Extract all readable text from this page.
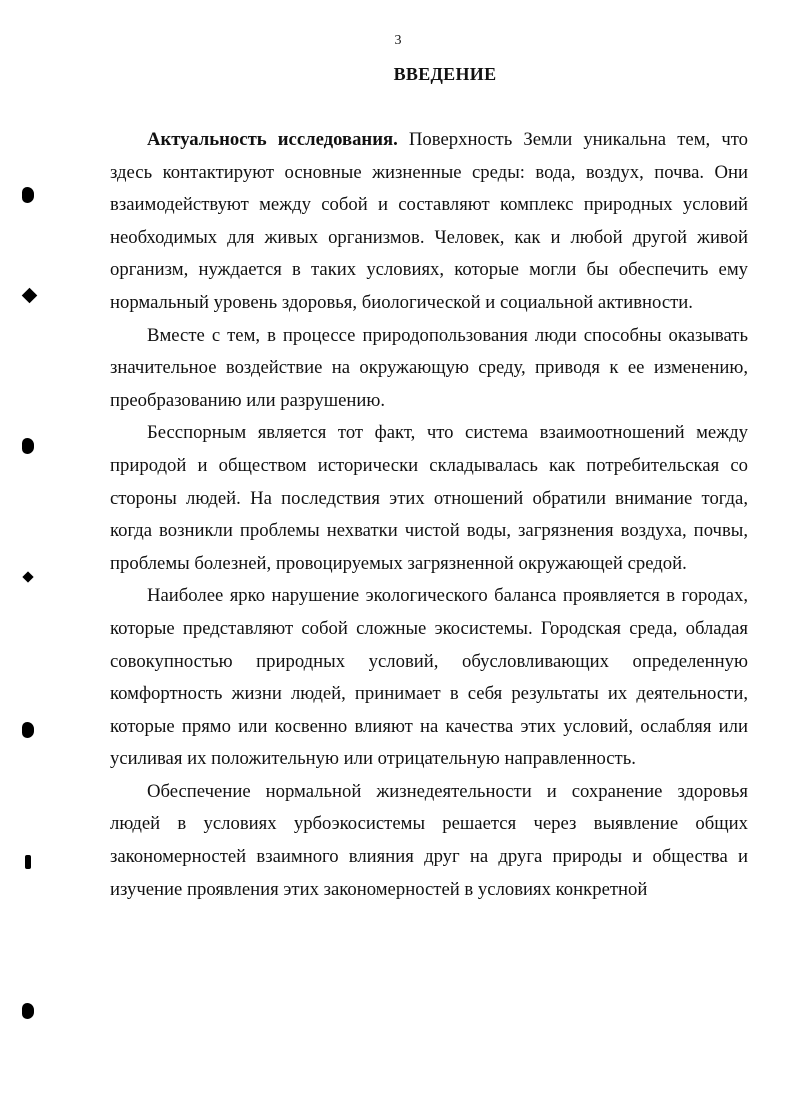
3
ВВЕДЕНИЕ

Актуальность исследования. Поверхность Земли уникальна тем, что здесь контактируют основные жизненные среды: вода, воздух, почва. Они взаимодействуют между собой и составляют комплекс природных условий необходимых для живых организмов. Человек, как и любой другой живой организм, нуждается в таких условиях, которые могли бы обеспечить ему нормальный уровень здоровья, биологической и социальной активности.

Вместе с тем, в процессе природопользования люди способны оказывать значительное воздействие на окружающую среду, приводя к ее изменению, преобразованию или разрушению.

Бесспорным является тот факт, что система взаимоотношений между природой и обществом исторически складывалась как потребительская со стороны людей. На последствия этих отношений обратили внимание тогда, когда возникли проблемы нехватки чистой воды, загрязнения воздуха, почвы, проблемы болезней, провоцируемых загрязненной окружающей средой.

Наиболее ярко нарушение экологического баланса проявляется в городах, которые представляют собой сложные экосистемы. Городская среда, обладая совокупностью природных условий, обусловливающих определенную комфортность жизни людей, принимает в себя результаты их деятельности, которые прямо или косвенно влияют на качества этих условий, ослабляя или усиливая их положительную или отрицательную направленность.

Обеспечение нормальной жизнедеятельности и сохранение здоровья людей в условиях урбоэкосистемы решается через выявление общих закономерностей взаимного влияния друг на друга природы и общества и изучение проявления этих закономерностей в условиях конкретной
